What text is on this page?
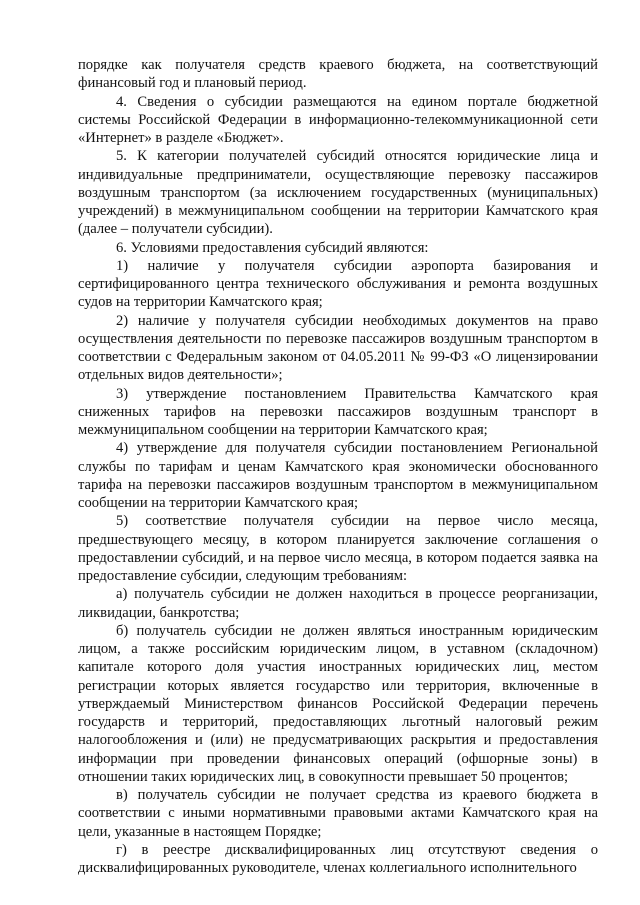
порядке как получателя средств краевого бюджета, на соответствующий финансовый год и плановый период.

4. Сведения о субсидии размещаются на едином портале бюджетной системы Российской Федерации в информационно-телекоммуникационной сети «Интернет» в разделе «Бюджет».

5. К категории получателей субсидий относятся юридические лица и индивидуальные предприниматели, осуществляющие перевозку пассажиров воздушным транспортом (за исключением государственных (муниципальных) учреждений) в межмуниципальном сообщении на территории Камчатского края (далее – получатели субсидии).

6. Условиями предоставления субсидий являются:

1) наличие у получателя субсидии аэропорта базирования и сертифицированного центра технического обслуживания и ремонта воздушных судов на территории Камчатского края;

2) наличие у получателя субсидии необходимых документов на право осуществления деятельности по перевозке пассажиров воздушным транспортом в соответствии с Федеральным законом от 04.05.2011 № 99-ФЗ «О лицензировании отдельных видов деятельности»;

3) утверждение постановлением Правительства Камчатского края сниженных тарифов на перевозки пассажиров воздушным транспорт в межмуниципальном сообщении на территории Камчатского края;

4) утверждение для получателя субсидии постановлением Региональной службы по тарифам и ценам Камчатского края экономически обоснованного тарифа на перевозки пассажиров воздушным транспортом в межмуниципальном сообщении на территории Камчатского края;

5) соответствие получателя субсидии на первое число месяца, предшествующего месяцу, в котором планируется заключение соглашения о предоставлении субсидий, и на первое число месяца, в котором подается заявка на предоставление субсидии, следующим требованиям:

а) получатель субсидии не должен находиться в процессе реорганизации, ликвидации, банкротства;

б) получатель субсидии не должен являться иностранным юридическим лицом, а также российским юридическим лицом, в уставном (складочном) капитале которого доля участия иностранных юридических лиц, местом регистрации которых является государство или территория, включенные в утверждаемый Министерством финансов Российской Федерации перечень государств и территорий, предоставляющих льготный налоговый режим налогообложения и (или) не предусматривающих раскрытия и предоставления информации при проведении финансовых операций (офшорные зоны) в отношении таких юридических лиц, в совокупности превышает 50 процентов;

в) получатель субсидии не получает средства из краевого бюджета в соответствии с иными нормативными правовыми актами Камчатского края на цели, указанные в настоящем Порядке;

г) в реестре дисквалифицированных лиц отсутствуют сведения о дисквалифицированных руководителе, членах коллегиального исполнительного
